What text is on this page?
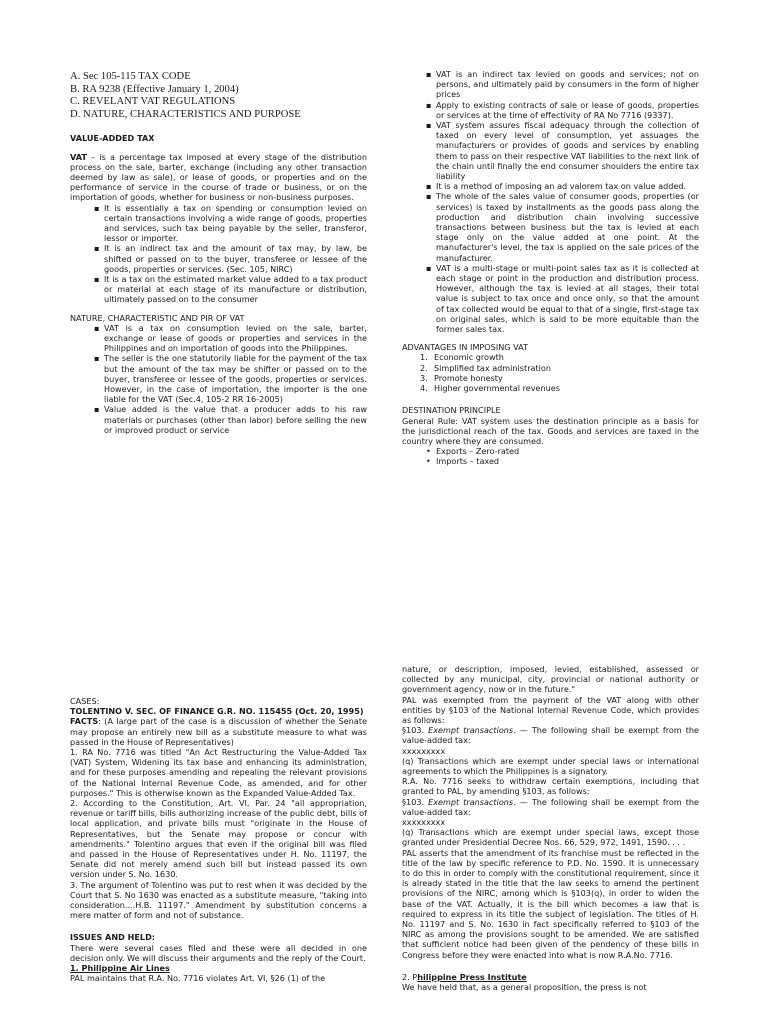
A. Sec 105-115 TAX CODE
B. RA 9238 (Effective January 1, 2004)
C. REVELANT VAT REGULATIONS
D. NATURE, CHARACTERISTICS AND PURPOSE

VALUE-ADDED TAX

VAT – is a percentage tax imposed at every stage of the distribution process on the sale, barter, exchange (including any other transaction deemed by law as sale), or lease of goods, or properties and on the performance of service in the course of trade or business, or on the importation of goods, whether for business or non-business purposes.

▪ It is essentially a tax on spending or consumption levied on certain transactions involving a wide range of goods, properties and services, such tax being payable by the seller, transferor, lessor or importer.
▪ It is an indirect tax and the amount of tax may, by law, be shifted or passed on to the buyer, transferee or lessee of the goods, properties or services. (Sec. 105, NIRC)
▪ It is a tax on the estimated market value added to a tax product or material at each stage of its manufacture or distribution, ultimately passed on to the consumer

NATURE, CHARACTERISTIC AND PIR OF VAT

▪ VAT is a tax on consumption levied on the sale, barter, exchange or lease of goods or properties and services in the Philippines and on importation of goods into the Philippines.
▪ The seller is the one statutorily liable for the payment of the tax but the amount of the tax may be shifter or passed on to the buyer, transferee or lessee of the goods, properties or services. However, in the case of importation, the importer is the one liable for the VAT (Sec.4, 105-2 RR 16-2005)
▪ Value added is the value that a producer adds to his raw materials or purchases (other than labor) before selling the new or improved product or service
▪ VAT is an indirect tax levied on goods and services; not on persons, and ultimately paid by consumers in the form of higher prices
▪ Apply to existing contracts of sale or lease of goods, properties or services at the time of effectivity of RA No 7716 (9337).
▪ VAT system assures fiscal adequacy through the collection of taxed on every level of consumption, yet assuages the manufacturers or provides of goods and services by enabling them to pass on their respective VAT liabilities to the next link of the chain until finally the end consumer shoulders the entire tax liability
▪ It is a method of imposing an ad valorem tax on value added.
▪ The whole of the sales value of consumer goods, properties (or services) is taxed by installments as the goods pass along the production and distribution chain involving successive transactions between business but the tax is levied at each stage only on the value added at one point. At the manufacturer's level, the tax is applied on the sale prices of the manufacturer.
▪ VAT is a multi-stage or multi-point sales tax as it is collected at each stage or point in the production and distribution process. However, although the tax is levied at all stages, their total value is subject to tax once and once only, so that the amount of tax collected would be equal to that of a single, first-stage tax on original sales, which is said to be more equitable than the former sales tax.

ADVANTAGES IN IMPOSING VAT

1. Economic growth
2. Simplified tax administration
3. Promote honesty
4. Higher governmental revenues

DESTINATION PRINCIPLE

General Rule: VAT system uses the destination principle as a basis for the jurisdictional reach of the tax. Goods and services are taxed in the country where they are consumed.

• Exports – Zero-rated
• Imports – taxed

CASES:

TOLENTINO V. SEC. OF FINANCE G.R. NO. 115455 (Oct. 20, 1995)

FACTS: (A large part of the case is a discussion of whether the Senate may propose an entirely new bill as a substitute measure to what was passed in the House of Representatives)

1. RA No. 7716 was titled "An Act Restructuring the Value-Added Tax (VAT) System, Widening its tax base and enhancing its administration, and for these purposes amending and repealing the relevant provisions of the National Internal Revenue Code, as amended, and for other purposes." This is otherwise known as the Expanded Value-Added Tax.

2. According to the Constitution, Art. VI, Par. 24 "all appropriation, revenue or tariff bills, bills authorizing increase of the public debt, bills of local application, and private bills must "originate in the House of Representatives, but the Senate may propose or concur with amendments." Tolentino argues that even if the original bill was filed and passed in the House of Representatives under H. No. 11197, the Senate did not merely amend such bill but instead passed its own version under S. No. 1630.

3. The argument of Tolentino was put to rest when it was decided by the Court that S. No 1630 was enacted as a substitute measure, "taking into consideration....H.B. 11197." Amendment by substitution concerns a mere matter of form and not of substance.

ISSUES AND HELD:

There were several cases filed and these were all decided in one decision only. We will discuss their arguments and the reply of the Court.

1. Philippine Air Lines

PAL maintains that R.A. No. 7716 violates Art. VI, §26 (1) of the

nature, or description, imposed, levied, established, assessed or collected by any municipal, city, provincial or national authority or government agency, now or in the future."

PAL was exempted from the payment of the VAT along with other entities by §103 of the National Internal Revenue Code, which provides as follows:

§103. Exempt transactions. — The following shall be exempt from the value-added tax:

xxxxxxxxx

(q) Transactions which are exempt under special laws or international agreements to which the Philippines is a signatory.

R.A. No. 7716 seeks to withdraw certain exemptions, including that granted to PAL, by amending §103, as follows:

§103. Exempt transactions. — The following shall be exempt from the value-added tax:

xxxxxxxxx

(q) Transactions which are exempt under special laws, except those granted under Presidential Decree Nos. 66, 529, 972, 1491, 1590. . . .

PAL asserts that the amendment of its franchise must be reflected in the title of the law by specific reference to P.D. No. 1590. It is unnecessary to do this in order to comply with the constitutional requirement, since it is already stated in the title that the law seeks to amend the pertinent provisions of the NIRC, among which is §103(q), in order to widen the base of the VAT. Actually, it is the bill which becomes a law that is required to express in its title the subject of legislation. The titles of H. No. 11197 and S. No. 1630 in fact specifically referred to §103 of the NIRC as among the provisions sought to be amended. We are satisfied that sufficient notice had been given of the pendency of these bills in Congress before they were enacted into what is now R.A.No. 7716.

2. Philippine Press Institute

We have held that, as a general proposition, the press is not
